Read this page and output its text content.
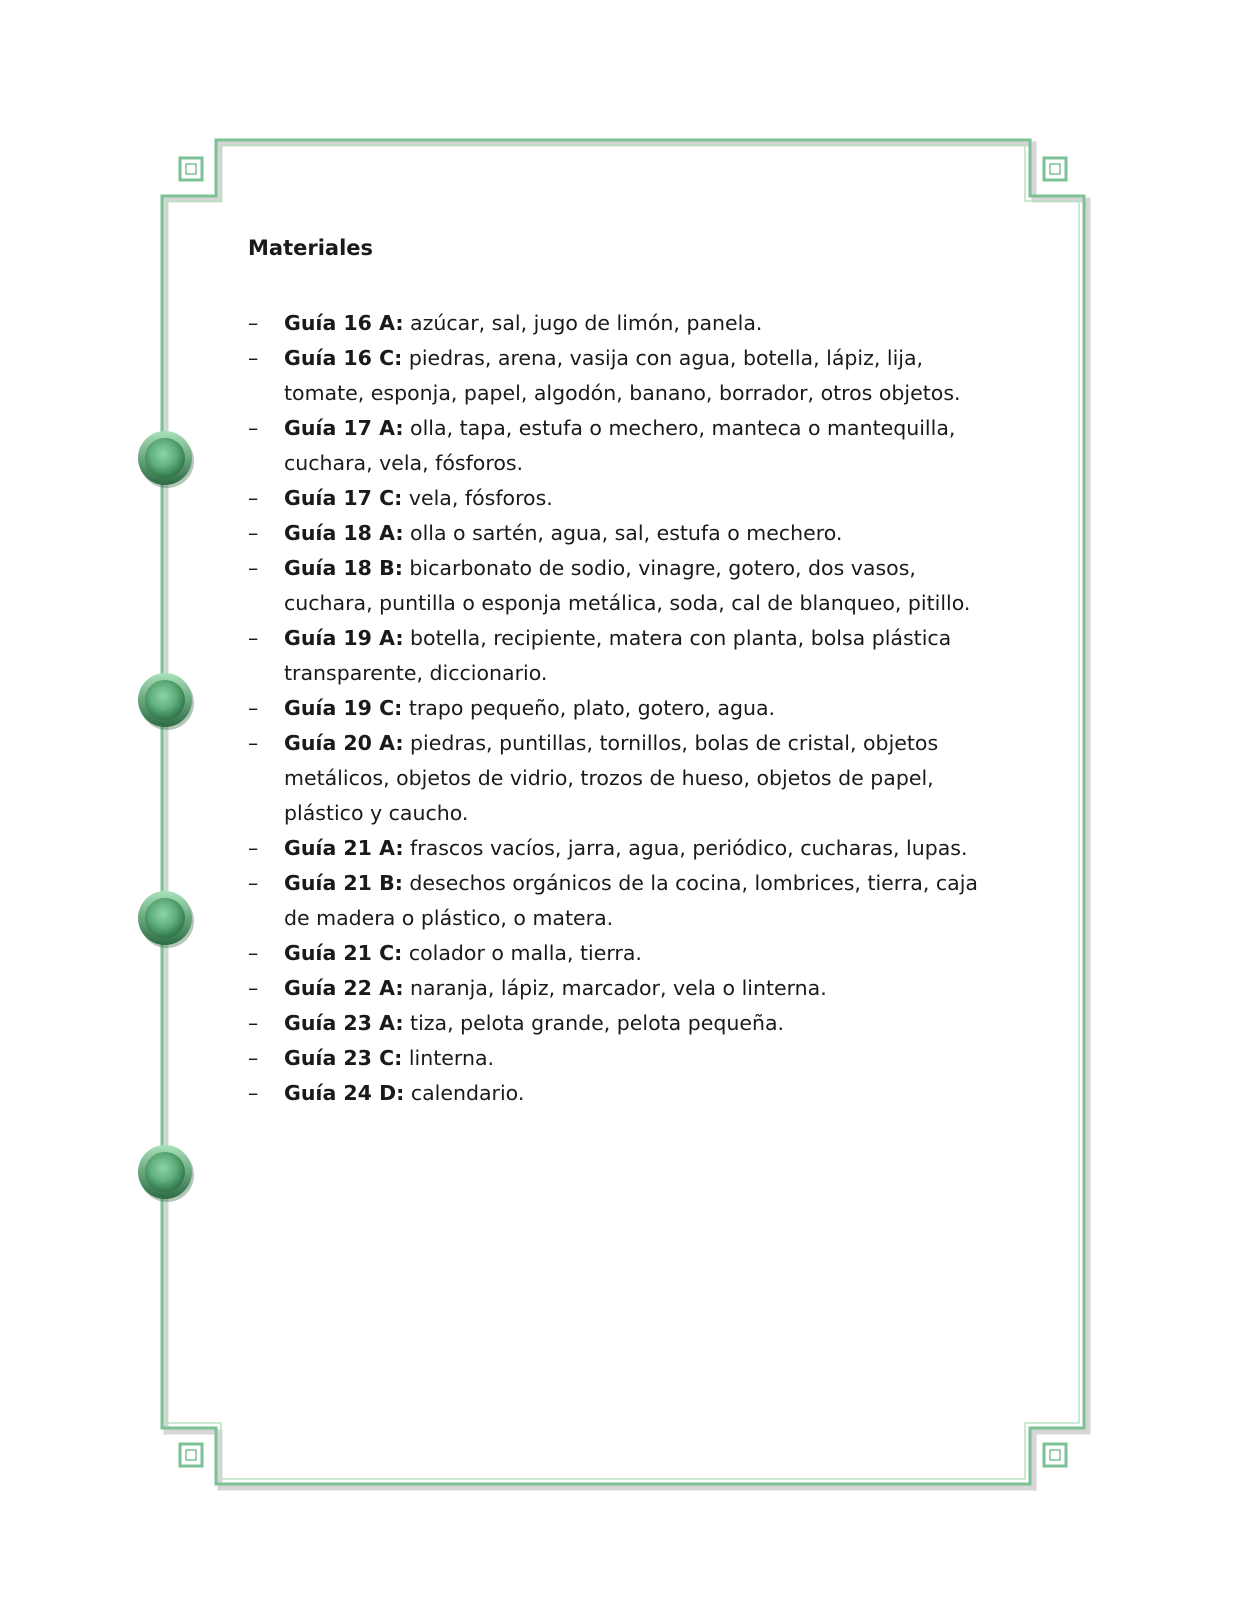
Materiales
– Guía 16 A: azúcar, sal, jugo de limón, panela.
– Guía 16 C: piedras, arena, vasija con agua, botella, lápiz, lija, tomate, esponja, papel, algodón, banano, borrador, otros objetos.
– Guía 17 A: olla, tapa, estufa o mechero, manteca o mantequilla, cuchara, vela, fósforos.
– Guía 17 C: vela, fósforos.
– Guía 18 A: olla o sartén, agua, sal, estufa o mechero.
– Guía 18 B: bicarbonato de sodio, vinagre, gotero, dos vasos, cuchara, puntilla o esponja metálica, soda, cal de blanqueo, pitillo.
– Guía 19 A: botella, recipiente, matera con planta, bolsa plástica transparente, diccionario.
– Guía 19 C: trapo pequeño, plato, gotero, agua.
– Guía 20 A: piedras, puntillas, tornillos, bolas de cristal, objetos metálicos, objetos de vidrio, trozos de hueso, objetos de papel, plástico y caucho.
– Guía 21 A: frascos vacíos, jarra, agua, periódico, cucharas, lupas.
– Guía 21 B: desechos orgánicos de la cocina, lombrices, tierra, caja de madera o plástico, o matera.
– Guía 21 C: colador o malla, tierra.
– Guía 22 A: naranja, lápiz, marcador, vela o linterna.
– Guía 23 A: tiza, pelota grande, pelota pequeña.
– Guía 23 C: linterna.
– Guía 24 D: calendario.
